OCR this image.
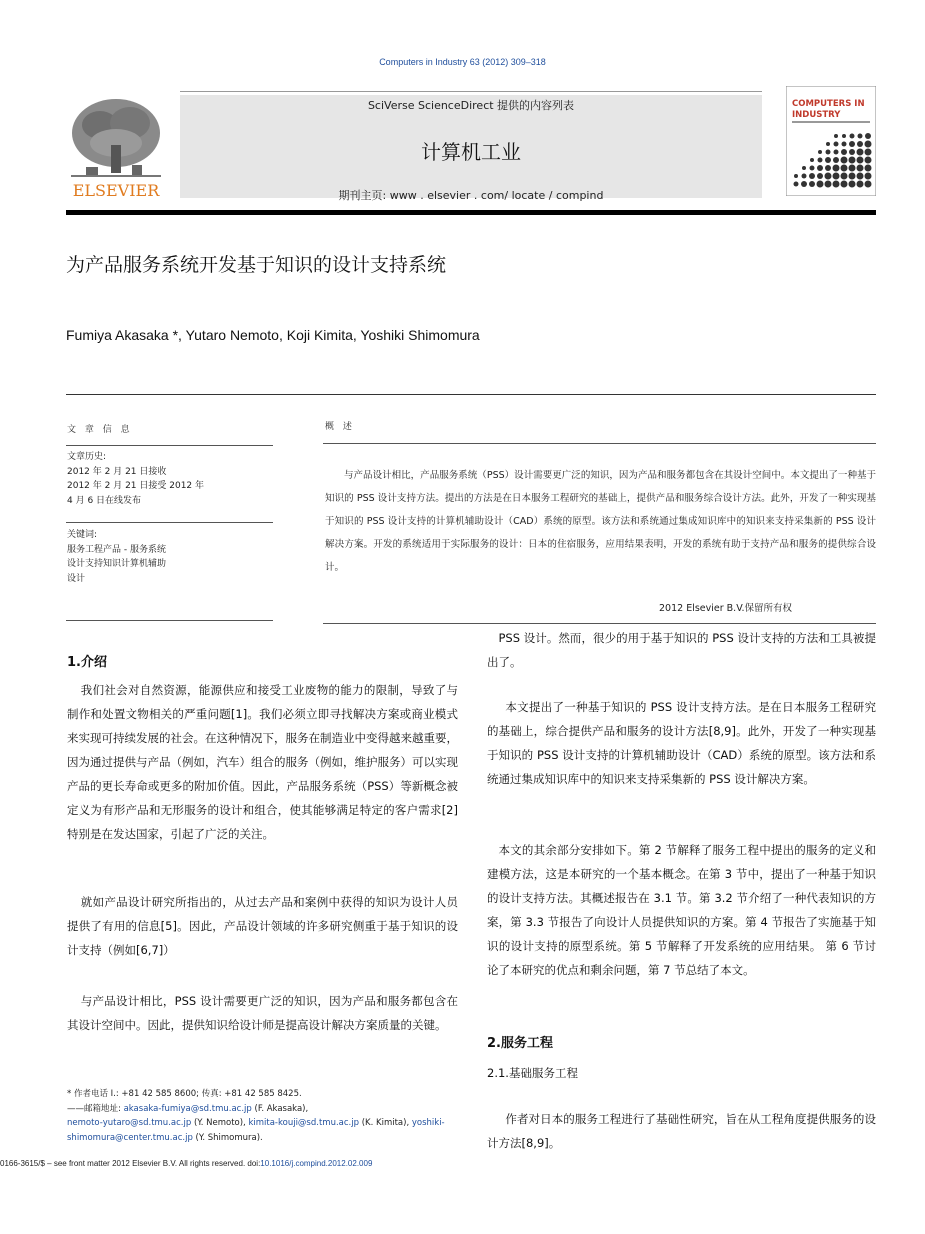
Computers in Industry 63 (2012) 309–318
SciVerse ScienceDirect 提供的内容列表
计算机工业
期刊主页: www . elsevier . com/ locate / compind
ELSEVIER
COMPUTERS IN
INDUSTRY
为产品服务系统开发基于知识的设计支持系统
Fumiya Akasaka *, Yutaro Nemoto, Koji Kimita, Yoshiki Shimomura
文 章 信 息
文章历史:
2012 年 2 月 21 日接收
2012 年 2 月 21 日接受 2012 年
4 月 6 日在线发布
关键词:
服务工程产品 - 服务系统
设计支持知识计算机辅助
设计
概 述
与产品设计相比，产品服务系统（PSS）设计需要更广泛的知识，因为产品和服务都包含在其设计空间中。本文提出了一种基于知识的 PSS 设计支持方法。提出的方法是在日本服务工程研究的基础上，提供产品和服务综合设计方法。此外，开发了一种实现基于知识的 PSS 设计支持的计算机辅助设计（CAD）系统的原型。该方法和系统通过集成知识库中的知识来支持采集新的 PSS 设计解决方案。开发的系统适用于实际服务的设计：日本的住宿服务，应用结果表明，开发的系统有助于支持产品和服务的提供综合设计。
2012 Elsevier B.V.保留所有权
1.介绍
我们社会对自然资源，能源供应和接受工业废物的能力的限制，导致了与制作和处置文物相关的严重问题[1]。我们必须立即寻找解决方案或商业模式来实现可持续发展的社会。在这种情况下，服务在制造业中变得越来越重要，因为通过提供与产品（例如，汽车）组合的服务（例如，维护服务）可以实现产品的更长寿命或更多的附加价值。因此，产品服务系统（PSS）等新概念被定义为有形产品和无形服务的设计和组合，使其能够满足特定的客户需求[2] 特别是在发达国家，引起了广泛的关注。
就如产品设计研究所指出的，从过去产品和案例中获得的知识为设计人员提供了有用的信息[5]。因此，产品设计领域的许多研究侧重于基于知识的设计支持（例如[6,7]）
与产品设计相比，PSS 设计需要更广泛的知识，因为产品和服务都包含在其设计空间中。因此，提供知识给设计师是提高设计解决方案质量的关键。
* 作者电话 I.: +81 42 585 8600; 传真: +81 42 585 8425.
——邮箱地址: akasaka-fumiya@sd.tmu.ac.jp (F. Akasaka),
nemoto-yutaro@sd.tmu.ac.jp (Y. Nemoto), kimita-kouji@sd.tmu.ac.jp (K. Kimita), yoshiki-shimomura@center.tmu.ac.jp (Y. Shimomura).
PSS 设计。然而，很少的用于基于知识的 PSS 设计支持的方法和工具被提出了。
本文提出了一种基于知识的 PSS 设计支持方法。是在日本服务工程研究的基础上，综合提供产品和服务的设计方法[8,9]。此外，开发了一种实现基于知识的 PSS 设计支持的计算机辅助设计（CAD）系统的原型。该方法和系统通过集成知识库中的知识来支持采集新的 PSS 设计解决方案。
本文的其余部分安排如下。第 2 节解释了服务工程中提出的服务的定义和建模方法，这是本研究的一个基本概念。在第 3 节中，提出了一种基于知识的设计支持方法。其概述报告在 3.1 节。第 3.2 节介绍了一种代表知识的方案，第 3.3 节报告了向设计人员提供知识的方案。第 4 节报告了实施基于知识的设计支持的原型系统。第 5 节解释了开发系统的应用结果。 第 6 节讨论了本研究的优点和剩余问题，第 7 节总结了本文。
2.服务工程
2.1.基础服务工程
作者对日本的服务工程进行了基础性研究，旨在从工程角度提供服务的设计方法[8,9]。
0166-3615/$ – see front matter 2012 Elsevier B.V. All rights reserved. doi:10.1016/j.compind.2012.02.009
